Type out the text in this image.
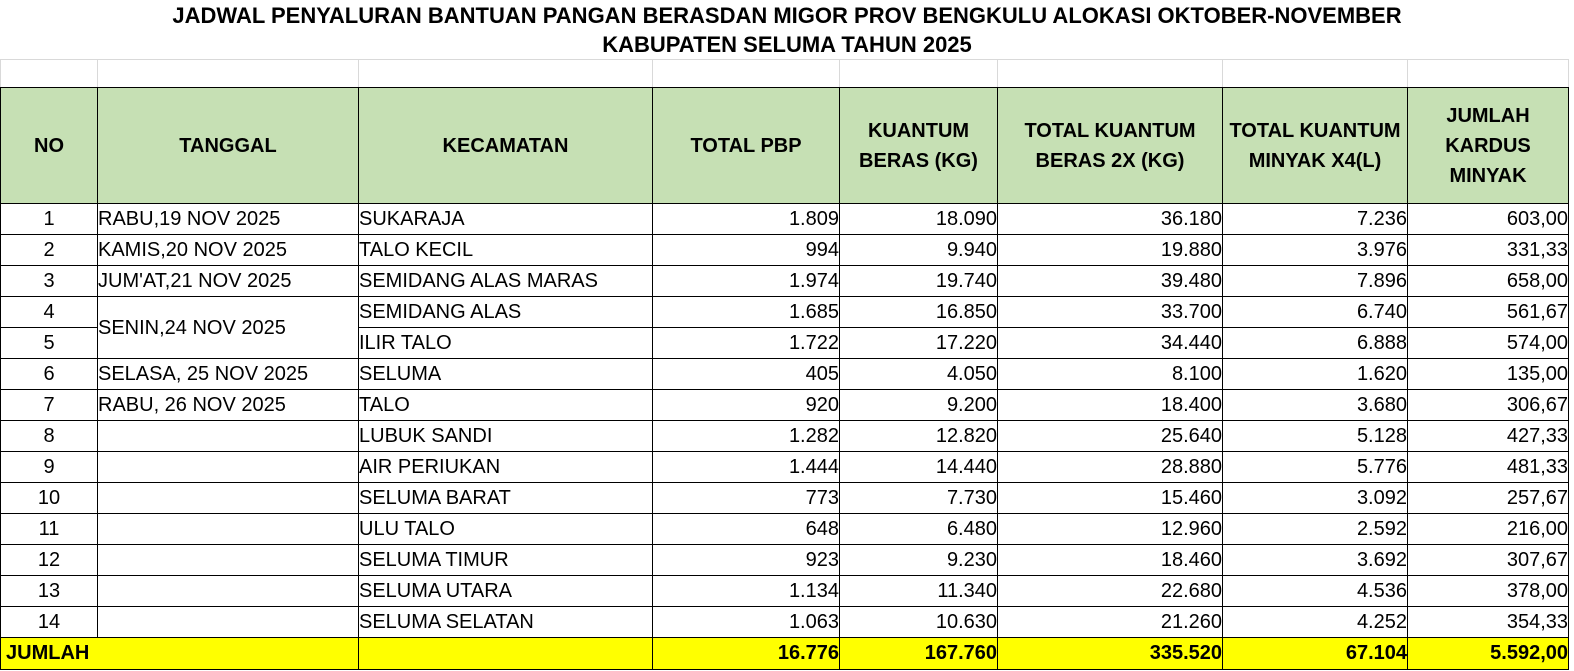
JADWAL PENYALURAN BANTUAN PANGAN BERASDAN MIGOR PROV BENGKULU ALOKASI OKTOBER-NOVEMBER
KABUPATEN SELUMA TAHUN 2025

NO	TANGGAL	KECAMATAN	TOTAL PBP	KUANTUM BERAS (KG)	TOTAL KUANTUM BERAS 2X (KG)	TOTAL KUANTUM MINYAK X4(L)	JUMLAH KARDUS MINYAK
1	RABU,19 NOV 2025	SUKARAJA	1.809	18.090	36.180	7.236	603,00
2	KAMIS,20 NOV 2025	TALO KECIL	994	9.940	19.880	3.976	331,33
3	JUM'AT,21 NOV 2025	SEMIDANG ALAS MARAS	1.974	19.740	39.480	7.896	658,00
4	SENIN,24 NOV 2025	SEMIDANG ALAS	1.685	16.850	33.700	6.740	561,67
5		ILIR TALO	1.722	17.220	34.440	6.888	574,00
6	SELASA, 25 NOV 2025	SELUMA	405	4.050	8.100	1.620	135,00
7	RABU, 26 NOV 2025	TALO	920	9.200	18.400	3.680	306,67
8		LUBUK SANDI	1.282	12.820	25.640	5.128	427,33
9		AIR PERIUKAN	1.444	14.440	28.880	5.776	481,33
10		SELUMA BARAT	773	7.730	15.460	3.092	257,67
11		ULU TALO	648	6.480	12.960	2.592	216,00
12		SELUMA TIMUR	923	9.230	18.460	3.692	307,67
13		SELUMA UTARA	1.134	11.340	22.680	4.536	378,00
14		SELUMA SELATAN	1.063	10.630	21.260	4.252	354,33
JUMLAH			16.776	167.760	335.520	67.104	5.592,00
